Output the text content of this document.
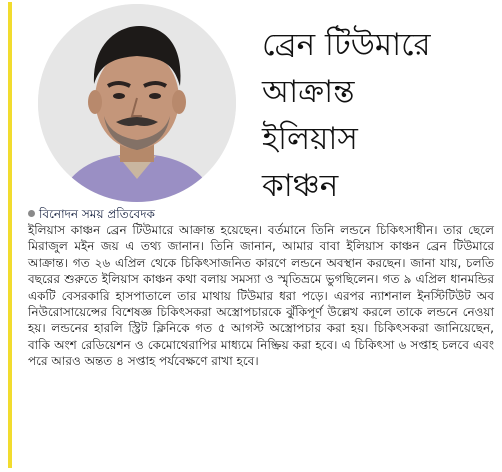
ব্রেন টিউমারে
আক্রান্ত
ইলিয়াস
কাঞ্চন
বিনোদন সময় প্রতিবেদক
ইলিয়াস কাঞ্চন ব্রেন টিউমারে আক্রান্ত হয়েছেন। বর্তমানে তিনি লন্ডনে চিকিৎসাধীন। তার ছেলে মিরাজুল মইন জয় এ তথ্য জানান। তিনি জানান, আমার বাবা ইলিয়াস কাঞ্চন ব্রেন টিউমারে আক্রান্ত। গত ২৬ এপ্রিল থেকে চিকিৎসাজনিত কারণে লন্ডনে অবস্থান করছেন। জানা যায়, চলতি বছরের শুরুতে ইলিয়াস কাঞ্চন কথা বলায় সমস্যা ও স্মৃতিভ্রমে ভুগছিলেন। গত ৯ এপ্রিল ধানমন্ডির একটি বেসরকারি হাসপাতালে তার মাথায় টিউমার ধরা পড়ে। এরপর ন্যাশনাল ইনস্টিটিউট অব নিউরোসায়েন্সের বিশেষজ্ঞ চিকিৎসকরা অস্ত্রোপচারকে ঝুঁকিপূর্ণ উল্লেখ করলে তাকে লন্ডনে নেওয়া হয়। লন্ডনের হারলি স্ট্রিট ক্লিনিকে গত ৫ আগস্ট অস্ত্রোপচার করা হয়। চিকিৎসকরা জানিয়েছেন, বাকি অংশ রেডিয়েশন ও কেমোথেরাপির মাধ্যমে নিষ্ক্রিয় করা হবে। এ চিকিৎসা ৬ সপ্তাহ চলবে এবং পরে আরও অন্তত ৪ সপ্তাহ পর্যবেক্ষণে রাখা হবে।
